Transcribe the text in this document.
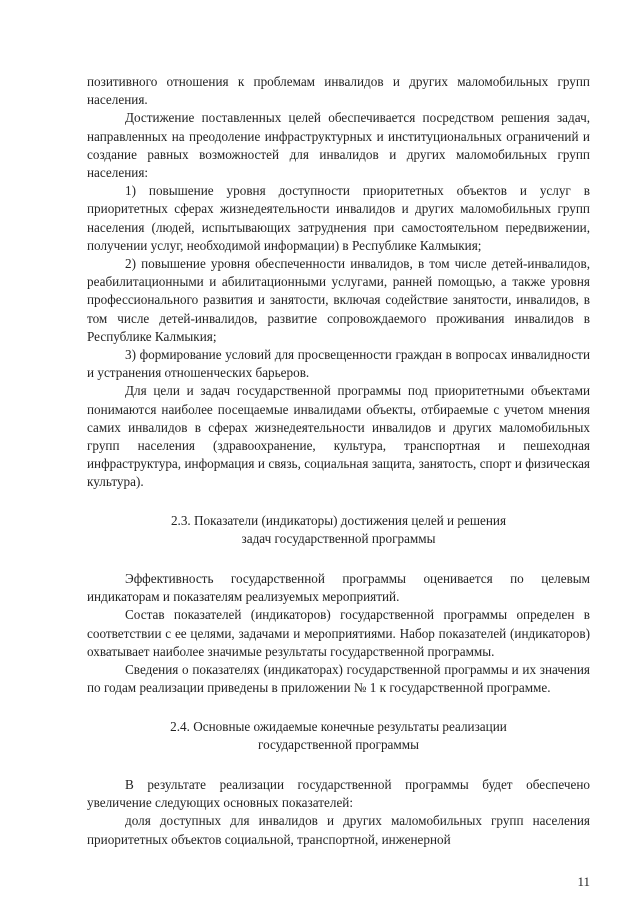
позитивного отношения к проблемам инвалидов и других маломобильных групп населения.

Достижение поставленных целей обеспечивается посредством решения задач, направленных на преодоление инфраструктурных и институциональных ограничений и создание равных возможностей для инвалидов и других маломобильных групп населения:

1) повышение уровня доступности приоритетных объектов и услуг в приоритетных сферах жизнедеятельности инвалидов и других маломобильных групп населения (людей, испытывающих затруднения при самостоятельном передвижении, получении услуг, необходимой информации) в Республике Калмыкия;

2) повышение уровня обеспеченности инвалидов, в том числе детей-инвалидов, реабилитационными и абилитационными услугами, ранней помощью, а также уровня профессионального развития и занятости, включая содействие занятости, инвалидов, в том числе детей-инвалидов, развитие сопровождаемого проживания инвалидов в Республике Калмыкия;

3) формирование условий для просвещенности граждан в вопросах инвалидности и устранения отношенческих барьеров.

Для цели и задач государственной программы под приоритетными объектами понимаются наиболее посещаемые инвалидами объекты, отбираемые с учетом мнения самих инвалидов в сферах жизнедеятельности инвалидов и других маломобильных групп населения (здравоохранение, культура, транспортная и пешеходная инфраструктура, информация и связь, социальная защита, занятость, спорт и физическая культура).

2.3. Показатели (индикаторы) достижения целей и решения
задач государственной программы

Эффективность государственной программы оценивается по целевым индикаторам и показателям реализуемых мероприятий.

Состав показателей (индикаторов) государственной программы определен в соответствии с ее целями, задачами и мероприятиями. Набор показателей (индикаторов) охватывает наиболее значимые результаты государственной программы.

Сведения о показателях (индикаторах) государственной программы и их значения по годам реализации приведены в приложении № 1 к государственной программе.

2.4. Основные ожидаемые конечные результаты реализации
государственной программы

В результате реализации государственной программы будет обеспечено увеличение следующих основных показателей:

доля доступных для инвалидов и других маломобильных групп населения приоритетных объектов социальной, транспортной, инженерной

11
